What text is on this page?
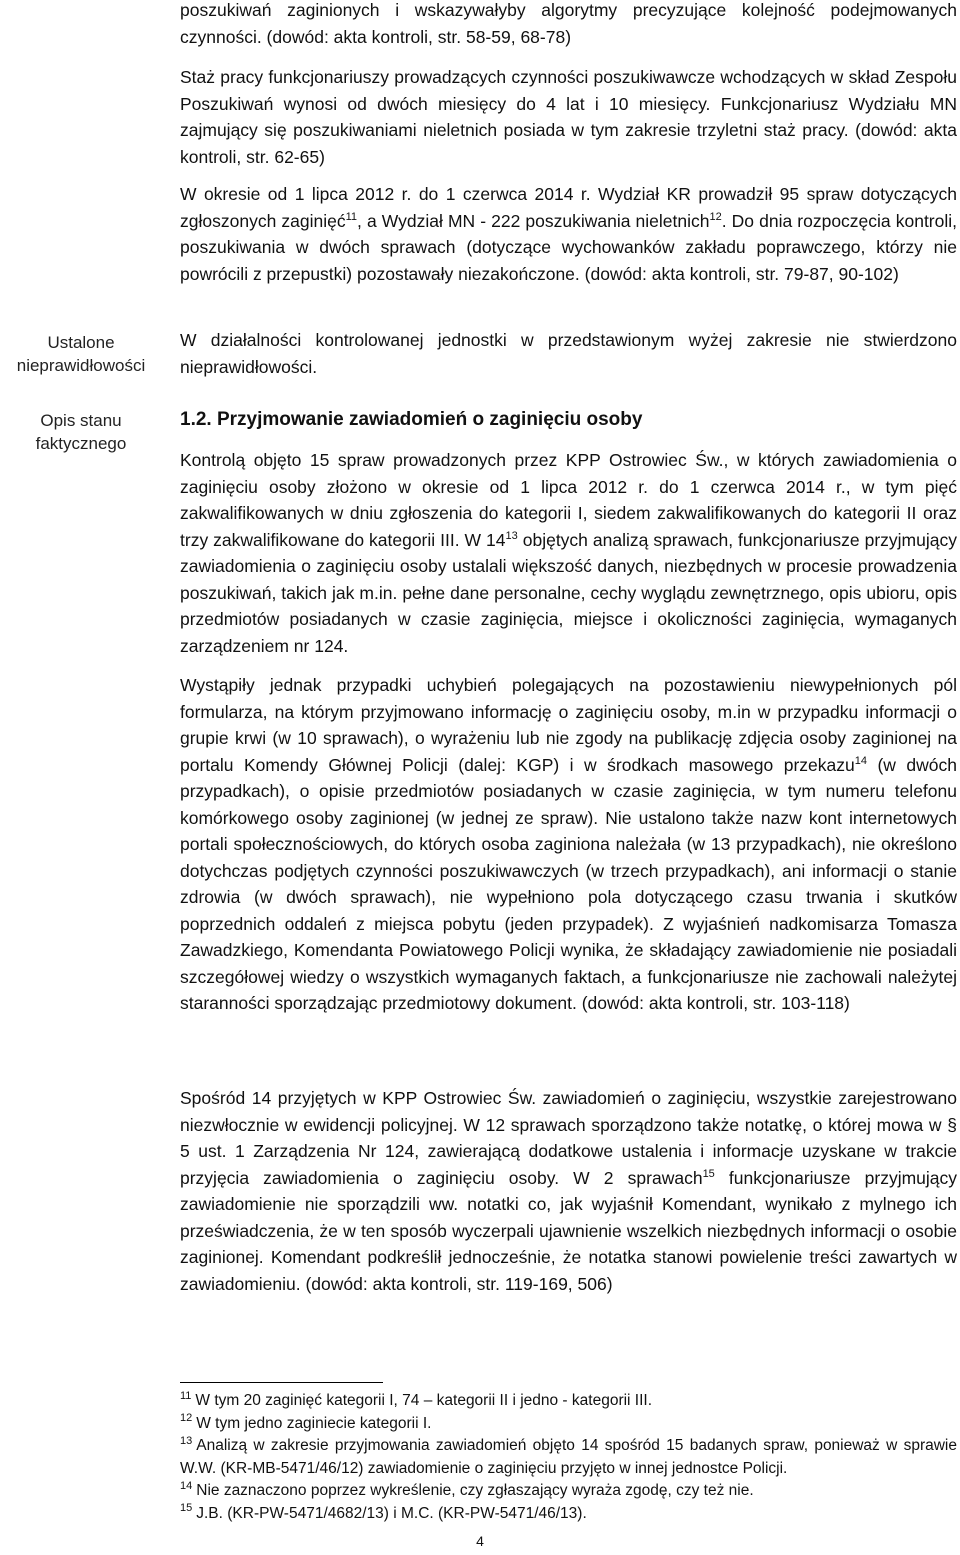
Ustalone nieprawidłowości
Opis stanu faktycznego

poszukiwań zaginionych i wskazywałyby algorytmy precyzujące kolejność podejmowanych czynności. (dowód: akta kontroli, str. 58-59, 68-78)

Staż pracy funkcjonariuszy prowadzących czynności poszukiwawcze wchodzących w skład Zespołu Poszukiwań wynosi od dwóch miesięcy do 4 lat i 10 miesięcy. Funkcjonariusz Wydziału MN zajmujący się poszukiwaniami nieletnich posiada w tym zakresie trzyletni staż pracy. (dowód: akta kontroli, str. 62-65)

W okresie od 1 lipca 2012 r. do 1 czerwca 2014 r. Wydział KR prowadził 95 spraw dotyczących zgłoszonych zaginięć$^{11}$, a Wydział MN - 222 poszukiwania nieletnich$^{12}$. Do dnia rozpoczęcia kontroli, poszukiwania w dwóch sprawach (dotyczące wychowanków zakładu poprawczego, którzy nie powrócili z przepustki) pozostawały niezakończone. (dowód: akta kontroli, str. 79-87, 90-102)

W działalności kontrolowanej jednostki w przedstawionym wyżej zakresie nie stwierdzono nieprawidłowości.

1.2. Przyjmowanie zawiadomień o zaginięciu osoby

Kontrolą objęto 15 spraw prowadzonych przez KPP Ostrowiec Św., w których zawiadomienia o zaginięciu osoby złożono w okresie od 1 lipca 2012 r. do 1 czerwca 2014 r., w tym pięć zakwalifikowanych w dniu zgłoszenia do kategorii I, siedem zakwalifikowanych do kategorii II oraz trzy zakwalifikowane do kategorii III. W $14^{13}$ objętych analizą sprawach, funkcjonariusze przyjmujący zawiadomienia o zaginięciu osoby ustalali większość danych, niezbędnych w procesie prowadzenia poszukiwań, takich jak m.in. pełne dane personalne, cechy wyglądu zewnętrznego, opis ubioru, opis przedmiotów posiadanych w czasie zaginięcia, miejsce i okoliczności zaginięcia, wymaganych zarządzeniem nr 124.

Wystąpiły jednak przypadki uchybień polegających na pozostawieniu niewypełnionych pól formularza, na którym przyjmowano informację o zaginięciu osoby, m.in w przypadku informacji o grupie krwi (w 10 sprawach), o wyrażeniu lub nie zgody na publikację zdjęcia osoby zaginionej na portalu Komendy Głównej Policji (dalej: KGP) i w środkach masowego przekazu$^{14}$ (w dwóch przypadkach), o opisie przedmiotów posiadanych w czasie zaginięcia, w tym numeru telefonu komórkowego osoby zaginionej (w jednej ze spraw). Nie ustalono także nazw kont internetowych portali społecznościowych, do których osoba zaginiona należała (w 13 przypadkach), nie określono dotychczas podjętych czynności poszukiwawczych (w trzech przypadkach), ani informacji o stanie zdrowia (w dwóch sprawach), nie wypełniono pola dotyczącego czasu trwania i skutków poprzednich oddaleń z miejsca pobytu (jeden przypadek). Z wyjaśnień nadkomisarza Tomasza Zawadzkiego, Komendanta Powiatowego Policji wynika, że składający zawiadomienie nie posiadali szczegółowej wiedzy o wszystkich wymaganych faktach, a funkcjonariusze nie zachowali należytej staranności sporządzając przedmiotowy dokument. (dowód: akta kontroli, str. 103-118)

Spośród 14 przyjętych w KPP Ostrowiec Św. zawiadomień o zaginięciu, wszystkie zarejestrowano niezwłocznie w ewidencji policyjnej. W 12 sprawach sporządzono także notatkę, o której mowa w § 5 ust. 1 Zarządzenia Nr 124, zawierającą dodatkowe ustalenia i informacje uzyskane w trakcie przyjęcia zawiadomienia o zaginięciu osoby. W 2 sprawach$^{15}$ funkcjonariusze przyjmujący zawiadomienie nie sporządzili ww. notatki co, jak wyjaśnił Komendant, wynikało z mylnego ich przeświadczenia, że w ten sposób wyczerpali ujawnienie wszelkich niezbędnych informacji o osobie zaginionej. Komendant podkreślił jednocześnie, że notatka stanowi powielenie treści zawartych w zawiadomieniu. (dowód: akta kontroli, str. 119-169, 506)

$^{11}$ W tym 20 zaginięć kategorii I, 74 – kategorii II i jedno - kategorii III.

$^{12}$ W tym jedno zaginiecie kategorii I.

$^{13}$ Analizą w zakresie przyjmowania zawiadomień objęto 14 spośród 15 badanych spraw, ponieważ w sprawie W.W. (KR-MB-5471/46/12) zawiadomienie o zaginięciu przyjęto w innej jednostce Policji.

$^{14}$ Nie zaznaczono poprzez wykreślenie, czy zgłaszający wyraża zgodę, czy też nie.

$^{15}$ J.B. (KR-PW-5471/4682/13) i M.C. (KR-PW-5471/46/13).

4
